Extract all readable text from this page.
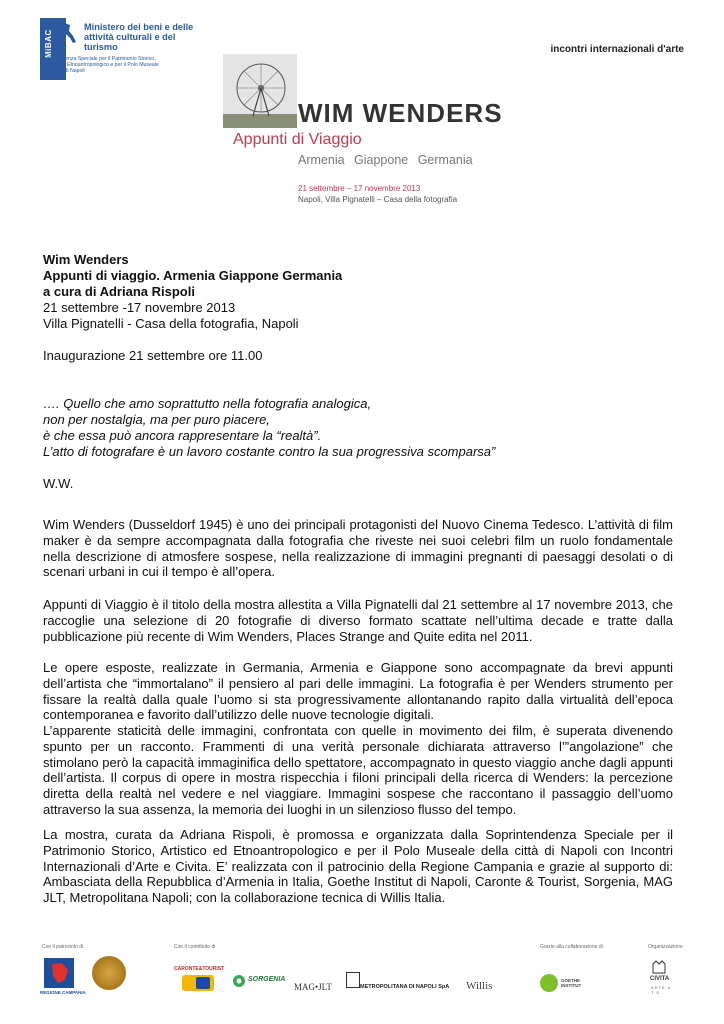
MiBAC
Ministero dei beni e delle attività culturali e del turismo
Soprintendenza Speciale per il Patrimonio Storico, Artistico ed Etnoantropologico e per il Polo Museale della Città di Napoli
incontri internazionali d'arte
WIM WENDERS
Appunti di Viaggio
Armenia Giappone Germania
21 settembre – 17 novembre 2013
Napoli, Villa Pignatelli – Casa della fotografia
Wim Wenders
Appunti di viaggio. Armenia Giappone Germania
a cura di Adriana Rispoli
21 settembre -17 novembre 2013
Villa Pignatelli - Casa della fotografia, Napoli
Inaugurazione 21 settembre ore 11.00
…. Quello che amo soprattutto nella fotografia analogica,
non per nostalgia, ma per puro piacere,
è che essa può ancora rappresentare la “realtà”.
L’atto di fotografare è un lavoro costante contro la sua progressiva scomparsa”
W.W.
Wim Wenders (Dusseldorf 1945) è uno dei principali protagonisti del Nuovo Cinema Tedesco. L’attività di film maker è da sempre accompagnata dalla fotografia che riveste nei suoi celebri film un ruolo fondamentale nella descrizione di atmosfere sospese, nella realizzazione di immagini pregnanti di paesaggi desolati o di scenari urbani in cui il tempo è all’opera.
Appunti di Viaggio è il titolo della mostra allestita a Villa Pignatelli dal 21 settembre al 17 novembre 2013, che raccoglie una selezione di 20 fotografie di diverso formato scattate nell’ultima decade e tratte dalla pubblicazione più recente di Wim Wenders, Places Strange and Quite edita nel 2011.
Le opere esposte, realizzate in Germania, Armenia e Giappone sono accompagnate da brevi appunti dell’artista che “immortalano” il pensiero al pari delle immagini. La fotografia è per Wenders strumento per fissare la realtà dalla quale l’uomo si sta progressivamente allontanando rapito dalla virtualità dell’epoca contemporanea e favorito dall’utilizzo delle nuove tecnologie digitali.
L’apparente staticità delle immagini, confrontata con quelle in movimento dei film, è superata divenendo spunto per un racconto. Frammenti di una verità personale dichiarata attraverso l’”angolazione” che stimolano però la capacità immaginifica dello spettatore, accompagnato in questo viaggio anche dagli appunti dell’artista. Il corpus di opere in mostra rispecchia i filoni principali della ricerca di Wenders: la percezione diretta della realtà nel vedere e nel viaggiare. Immagini sospese che raccontano il passaggio dell’uomo attraverso la sua assenza, la memoria dei luoghi in un silenzioso flusso del tempo.
La mostra, curata da Adriana Rispoli, è promossa e organizzata dalla Soprintendenza Speciale per il Patrimonio Storico, Artistico ed Etnoantropologico e per il Polo Museale della città di Napoli con Incontri Internazionali d’Arte e Civita. E’ realizzata con il patrocinio della Regione Campania e grazie al supporto di: Ambasciata della Repubblica d’Armenia in Italia, Goethe Institut di Napoli, Caronte & Tourist, Sorgenia, MAG JLT, Metropolitana Napoli; con la collaborazione tecnica di Willis Italia.
Con il patrocinio di	Con il contributo di	Grazie alla collaborazione di	Organizzazione
REGIONE CAMPANIA
CARONTE&TOURIST
SORGENIA
MAG•JLT	METROPOLITANA DI NAPOLI SpA Willis	GOETHE INSTITUT
CIVITA
ARTE A T E
